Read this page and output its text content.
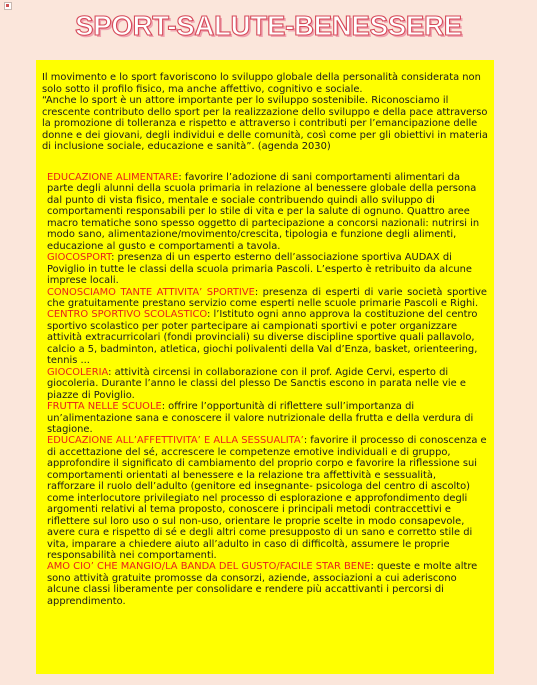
SPORT-SALUTE-BENESSERE

Il movimento e lo sport favoriscono lo sviluppo globale della personalità considerata non solo sotto il profilo fisico, ma anche affettivo, cognitivo e sociale.

“Anche lo sport è un attore importante per lo sviluppo sostenibile. Riconosciamo il crescente contributo dello sport per la realizzazione dello sviluppo e della pace attraverso la promozione di tolleranza e rispetto e attraverso i contributi per l’emancipazione delle donne e dei giovani, degli individui e delle comunità, così come per gli obiettivi in materia di inclusione sociale, educazione e sanità”. (agenda 2030)

EDUCAZIONE ALIMENTARE: favorire l’adozione di sani comportamenti alimentari da parte degli alunni della scuola primaria in relazione al benessere globale della persona dal punto di vista fisico, mentale e sociale contribuendo quindi allo sviluppo di comportamenti responsabili per lo stile di vita e per la salute di ognuno. Quattro aree macro tematiche sono spesso oggetto di partecipazione a concorsi nazionali: nutrirsi in modo sano, alimentazione/movimento/crescita, tipologia e funzione degli alimenti, educazione al gusto e comportamenti a tavola.

GIOCOSPORT: presenza di un esperto esterno dell’associazione sportiva AUDAX di Poviglio in tutte le classi della scuola primaria Pascoli. L’esperto è retribuito da alcune imprese locali.

CONOSCIAMO TANTE ATTIVITA’ SPORTIVE: presenza di esperti di varie società sportive che gratuitamente prestano servizio come esperti nelle scuole primarie Pascoli e Righi.

CENTRO SPORTIVO SCOLASTICO: l’Istituto ogni anno approva la costituzione del centro sportivo scolastico per poter partecipare ai campionati sportivi e poter organizzare attività extracurricolari (fondi provinciali) su diverse discipline sportive quali pallavolo, calcio a 5, badminton, atletica, giochi polivalenti della Val d’Enza, basket, orienteering, tennis ...

GIOCOLERIA: attività circensi in collaborazione con il prof. Agide Cervi, esperto di giocoleria. Durante l’anno le classi del plesso De Sanctis escono in parata nelle vie e piazze di Poviglio.

FRUTTA NELLE SCUOLE: offrire l’opportunità di riflettere sull’importanza di un’alimentazione sana e conoscere il valore nutrizionale della frutta e della verdura di stagione.

EDUCAZIONE ALL’AFFETTIVITA’ E ALLA SESSUALITA’: favorire il processo di conoscenza e di accettazione del sé, accrescere le competenze emotive individuali e di gruppo, approfondire il significato di cambiamento del proprio corpo e favorire la riflessione sui comportamenti orientati al benessere e la relazione tra affettività e sessualità, rafforzare il ruolo dell’adulto (genitore ed insegnante- psicologa del centro di ascolto) come interlocutore privilegiato nel processo di esplorazione e approfondimento degli argomenti relativi al tema proposto, conoscere i principali metodi contraccettivi e riflettere sul loro uso o sul non-uso, orientare le proprie scelte in modo consapevole, avere cura e rispetto di sé e degli altri come presupposto di un sano e corretto stile di vita, imparare a chiedere aiuto all’adulto in caso di difficoltà, assumere le proprie responsabilità nei comportamenti.

AMO CIO’ CHE MANGIO/LA BANDA DEL GUSTO/FACILE STAR BENE: queste e molte altre sono attività gratuite promosse da consorzi, aziende, associazioni a cui aderiscono alcune classi liberamente per consolidare e rendere più accattivanti i percorsi di apprendimento.
